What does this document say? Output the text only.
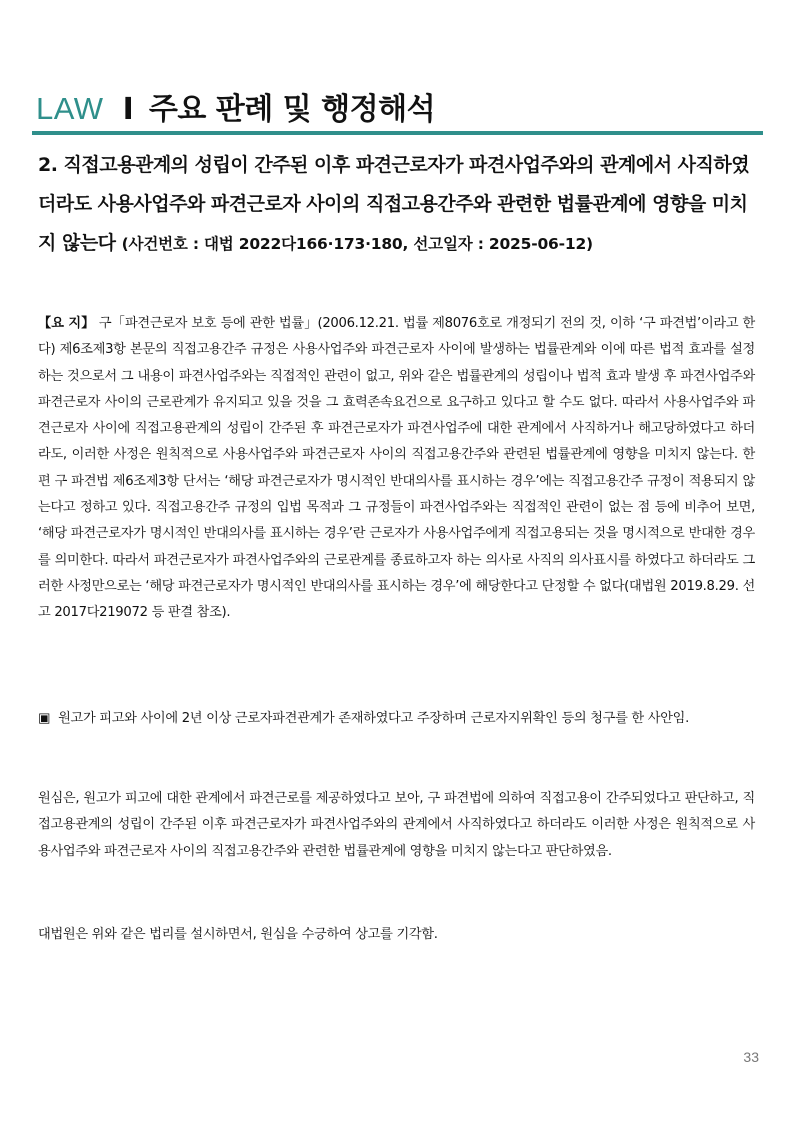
LAW I 주요 판례 및 행정해석
2. 직접고용관계의 성립이 간주된 이후 파견근로자가 파견사업주와의 관계에서 사직하였더라도 사용사업주와 파견근로자 사이의 직접고용간주와 관련한 법률관계에 영향을 미치지 않는다 (사건번호 : 대법 2022다166·173·180, 선고일자 : 2025-06-12)
【요 지】 구「파견근로자 보호 등에 관한 법률」(2006.12.21. 법률 제8076호로 개정되기 전의 것, 이하 ‘구 파견법’이라고 한다) 제6조제3항 본문의 직접고용간주 규정은 사용사업주와 파견근로자 사이에 발생하는 법률관계와 이에 따른 법적 효과를 설정하는 것으로서 그 내용이 파견사업주와는 직접적인 관련이 없고, 위와 같은 법률관계의 성립이나 법적 효과 발생 후 파견사업주와 파견근로자 사이의 근로관계가 유지되고 있을 것을 그 효력존속요건으로 요구하고 있다고 할 수도 없다. 따라서 사용사업주와 파견근로자 사이에 직접고용관계의 성립이 간주된 후 파견근로자가 파견사업주에 대한 관계에서 사직하거나 해고당하였다고 하더라도, 이러한 사정은 원칙적으로 사용사업주와 파견근로자 사이의 직접고용간주와 관련된 법률관계에 영향을 미치지 않는다. 한편 구 파견법 제6조제3항 단서는 ‘해당 파견근로자가 명시적인 반대의사를 표시하는 경우’에는 직접고용간주 규정이 적용되지 않는다고 정하고 있다. 직접고용간주 규정의 입법 목적과 그 규정들이 파견사업주와는 직접적인 관련이 없는 점 등에 비추어 보면, ‘해당 파견근로자가 명시적인 반대의사를 표시하는 경우’란 근로자가 사용사업주에게 직접고용되는 것을 명시적으로 반대한 경우를 의미한다. 따라서 파견근로자가 파견사업주와의 근로관계를 종료하고자 하는 의사로 사직의 의사표시를 하였다고 하더라도 그러한 사정만으로는 ‘해당 파견근로자가 명시적인 반대의사를 표시하는 경우’에 해당한다고 단정할 수 없다(대법원 2019.8.29. 선고 2017다219072 등 판결 참조).
▣ 원고가 피고와 사이에 2년 이상 근로자파견관계가 존재하였다고 주장하며 근로자지위확인 등의 청구를 한 사안임.
원심은, 원고가 피고에 대한 관계에서 파견근로를 제공하였다고 보아, 구 파견법에 의하여 직접고용이 간주되었다고 판단하고, 직접고용관계의 성립이 간주된 이후 파견근로자가 파견사업주와의 관계에서 사직하였다고 하더라도 이러한 사정은 원칙적으로 사용사업주와 파견근로자 사이의 직접고용간주와 관련한 법률관계에 영향을 미치지 않는다고 판단하였음.
대법원은 위와 같은 법리를 설시하면서, 원심을 수긍하여 상고를 기각함.
33
